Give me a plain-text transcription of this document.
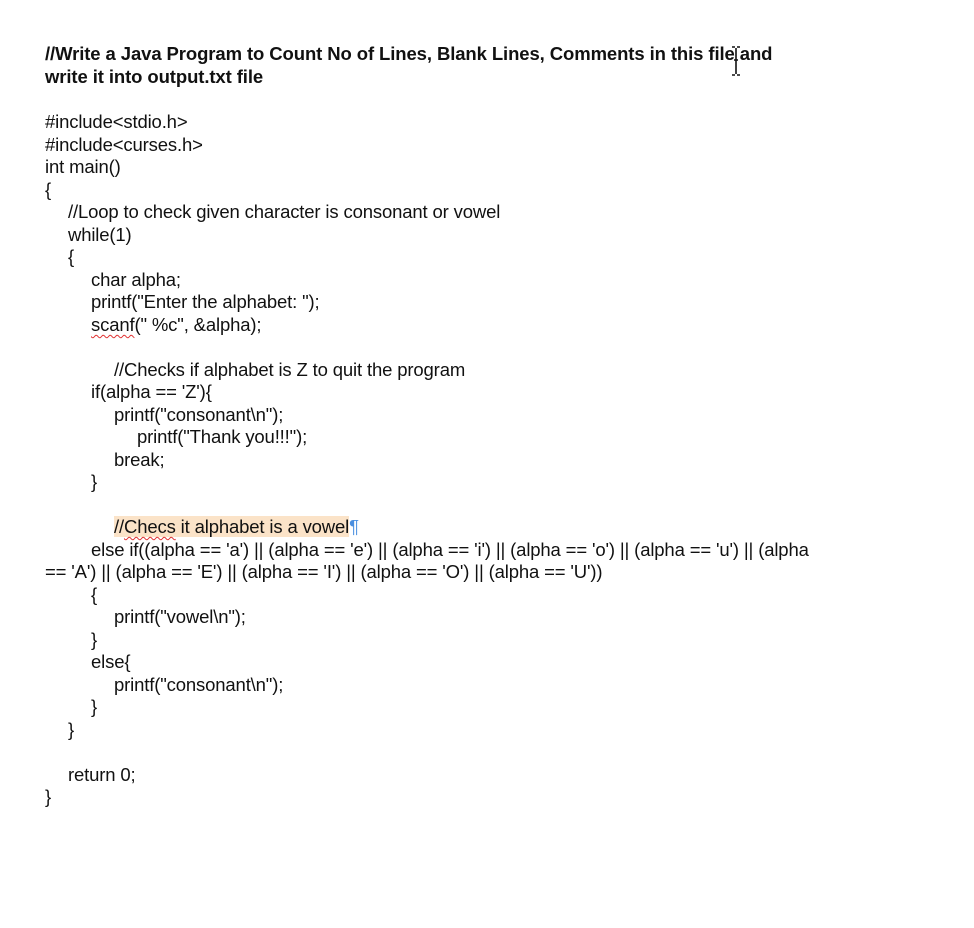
//Write a Java Program to Count No of Lines, Blank Lines, Comments in this file and
write it into output.txt file
#include<stdio.h>
#include<curses.h>
int main()
{
//Loop to check given character is consonant or vowel
while(1)
{
char alpha;
printf("Enter the alphabet: ");
scanf(" %c", &alpha);
//Checks if alphabet is Z to quit the program
if(alpha == 'Z'){
printf("consonant\n");
printf("Thank you!!!");
break;
}
//Checs it alphabet is a vowel¶
else if((alpha == 'a') || (alpha == 'e') || (alpha == 'i') || (alpha == 'o') || (alpha == 'u') || (alpha
== 'A') || (alpha == 'E') || (alpha == 'I') || (alpha == 'O') || (alpha == 'U'))
{
printf("vowel\n");
}
else{
printf("consonant\n");
}
}
return 0;
}
